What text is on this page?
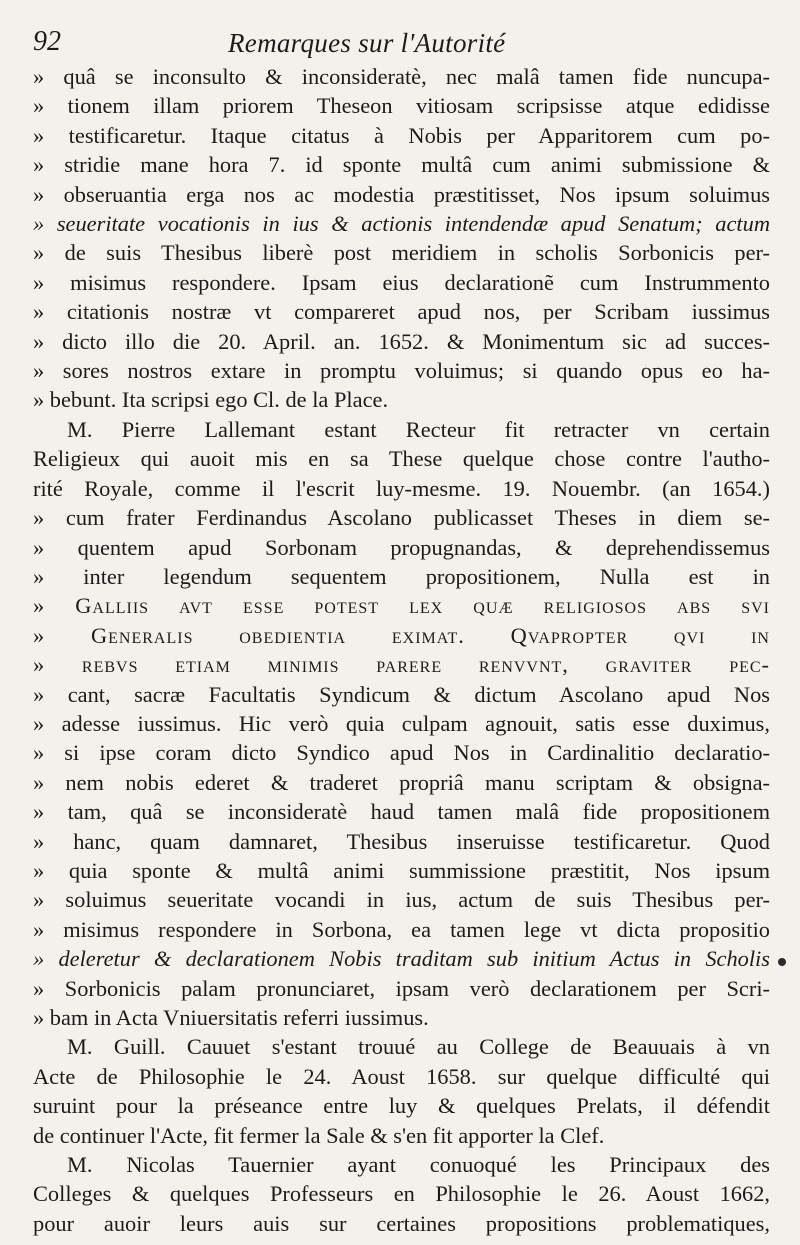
92	Remarques sur l'Autorité
» quâ se inconsulto & inconsideratè, nec malâ tamen fide nuncupa-
» tionem illam priorem Theseon vitiosam scripsisse atque edidisse
» testificaretur. Itaque citatus à Nobis per Apparitorem cum po-
» stridie mane hora 7. id sponte multâ cum animi submissione &
» obseruantia erga nos ac modestia præstitisset, Nos ipsum soluimus
» seueritate vocationis in ius & actionis intendendæ apud Senatum; actum
» de suis Thesibus liberè post meridiem in scholis Sorbonicis per-
» misimus respondere. Ipsam eius declarationẽ cum Instrummento
» citationis nostræ vt compareret apud nos, per Scribam iussimus
» dicto illo die 20. April. an. 1652. & Monimentum sic ad succes-
» sores nostros extare in promptu voluimus; si quando opus eo ha-
» bebunt. Ita scripsi ego Cl. de la Place.
M. Pierre Lallemant estant Recteur fit retracter vn certain
Religieux qui auoit mis en sa These quelque chose contre l'autho-
rité Royale, comme il l'escrit luy-mesme. 19. Nouembr. (an 1654.)
» cum frater Ferdinandus Ascolano publicasset Theses in diem se-
» quentem apud Sorbonam propugnandas, & deprehendissemus
» inter legendum sequentem propositionem, Nulla est in
» Galliis avt esse potest lex quæ religiosos abs svi
» Generalis obedientia eximat. Qvapropter qvi in
» rebvs etiam minimis parere renvvnt, graviter pec-
» cant, sacræ Facultatis Syndicum & dictum Ascolano apud Nos
» adesse iussimus. Hic verò quia culpam agnouit, satis esse duximus,
» si ipse coram dicto Syndico apud Nos in Cardinalitio declaratio-
» nem nobis ederet & traderet propriâ manu scriptam & obsigna-
» tam, quâ se inconsideratè haud tamen malâ fide propositionem
» hanc, quam damnaret, Thesibus inseruisse testificaretur. Quod
» quia sponte & multâ animi summissione præstitit, Nos ipsum
» soluimus seueritate vocandi in ius, actum de suis Thesibus per-
» misimus respondere in Sorbona, ea tamen lege vt dicta propositio
» deleretur & declarationem Nobis traditam sub initium Actus in Scholis
» Sorbonicis palam pronunciaret, ipsam verò declarationem per Scri-
» bam in Acta Vniuersitatis referri iussimus.
M. Guill. Cauuet s'estant trouué au College de Beauuais à vn
Acte de Philosophie le 24. Aoust 1658. sur quelque difficulté qui
suruint pour la préseance entre luy & quelques Prelats, il défendit
de continuer l'Acte, fit fermer la Sale & s'en fit apporter la Clef.
M. Nicolas Tauernier ayant conuoqué les Principaux des
Colleges & quelques Professeurs en Philosophie le 26. Aoust 1662,
pour auoir leurs auis sur certaines propositions problematiques,
